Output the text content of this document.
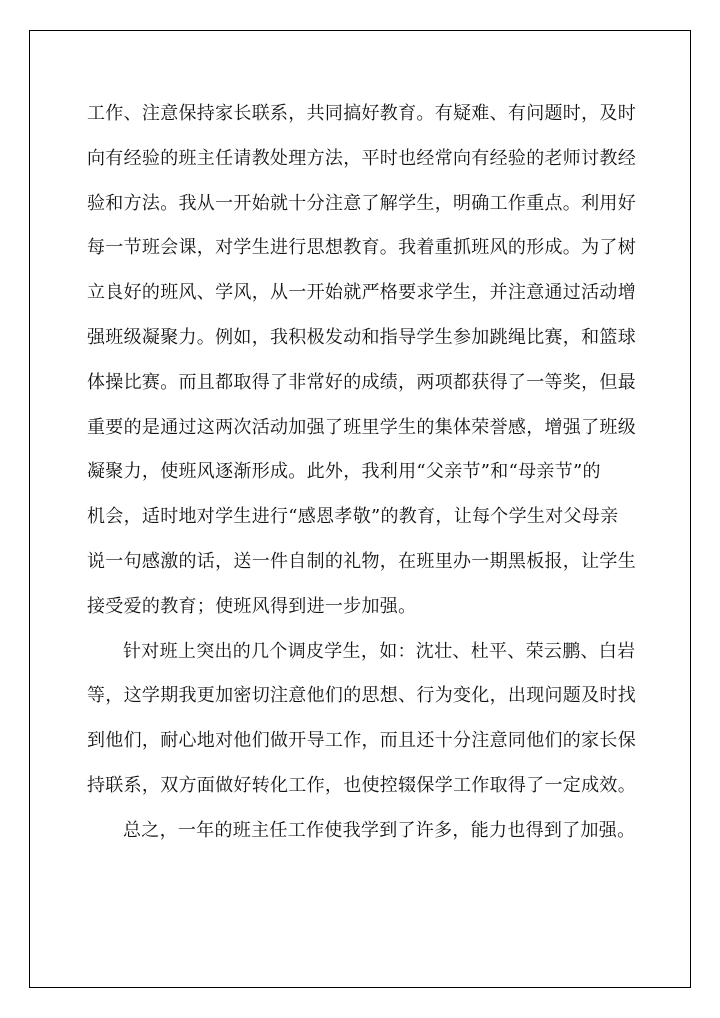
工作、注意保持家长联系，共同搞好教育。有疑难、有问题时，及时
向有经验的班主任请教处理方法，平时也经常向有经验的老师讨教经
验和方法。我从一开始就十分注意了解学生，明确工作重点。利用好
每一节班会课，对学生进行思想教育。我着重抓班风的形成。为了树
立良好的班风、学风，从一开始就严格要求学生，并注意通过活动增
强班级凝聚力。例如，我积极发动和指导学生参加跳绳比赛，和篮球
体操比赛。而且都取得了非常好的成绩，两项都获得了一等奖，但最
重要的是通过这两次活动加强了班里学生的集体荣誉感，增强了班级
凝聚力，使班风逐渐形成。此外，我利用“父亲节”和“母亲节”的
机会，适时地对学生进行“感恩孝敬”的教育，让每个学生对父母亲
说一句感激的话，送一件自制的礼物，在班里办一期黑板报，让学生
接受爱的教育；使班风得到进一步加强。
针对班上突出的几个调皮学生，如：沈壮、杜平、荣云鹏、白岩
等，这学期我更加密切注意他们的思想、行为变化，出现问题及时找
到他们，耐心地对他们做开导工作，而且还十分注意同他们的家长保
持联系，双方面做好转化工作，也使控辍保学工作取得了一定成效。
总之，一年的班主任工作使我学到了许多，能力也得到了加强。
